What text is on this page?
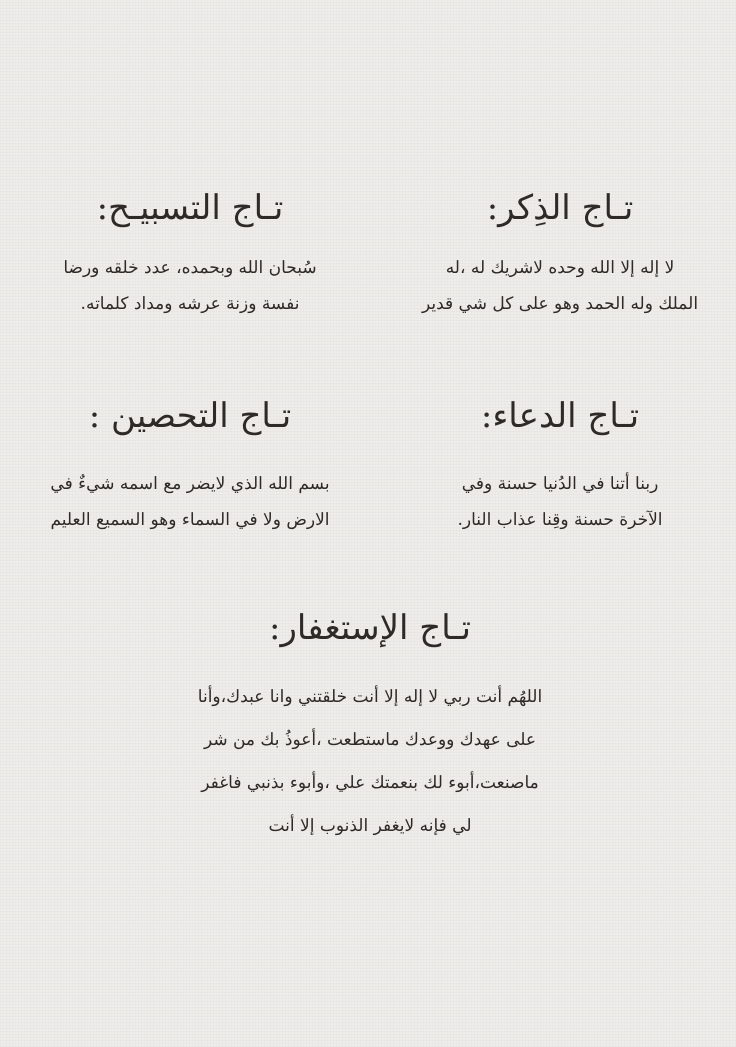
تـاج الذِكر:
لا إله إلا الله وحده لاشريك له ،له
الملك وله الحمد وهو على كل شي قدير
تـاج التسبيـح:
سُبحان الله وبحمده، عدد خلقه ورضا
نفسة وزنة عرشه ومداد كلماته.
تـاج الدعاء:
ربنا أتنا في الدُنيا حسنة وفي
الآخرة حسنة وقِنا عذاب النار.
تـاج التحصين :
بسم الله الذي لايضر مع اسمه شيءٌ في
الارض ولا في السماء وهو السميع العليم
تـاج الإستغفار:
اللهُم أنت ربي لا إله إلا أنت خلقتني وانا عبدك،وأنا
على عهدك ووعدك ماستطعت ،أعوذُ بك من شر
ماصنعت،أبوء لك بنعمتك علي ،وأبوء بذنبي فاغفر
لي فإنه لايغفر الذنوب إلا أنت
